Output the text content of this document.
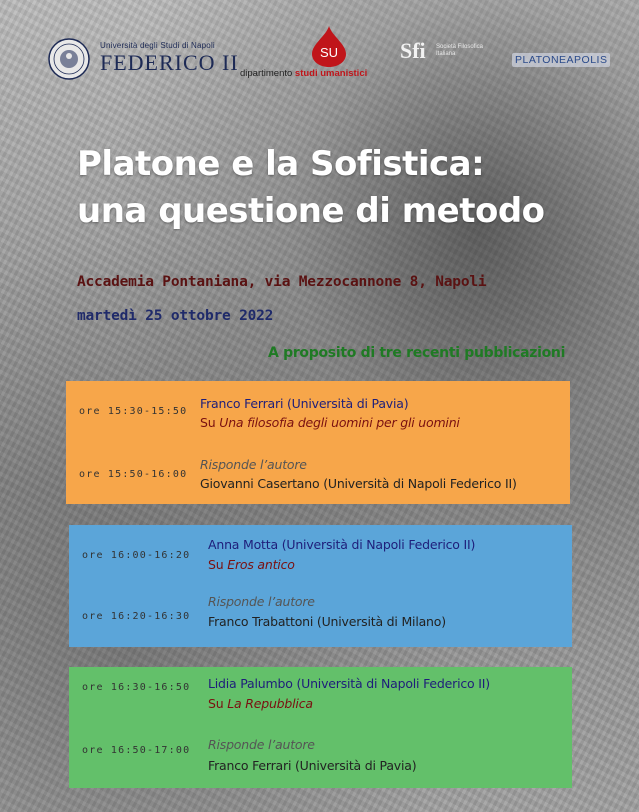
Università degli Studi di Napoli
FEDERICO II	SU
dipartimento studi umanistici
Sfi Società Filosofica Italiana	PLATONEAPOLIS
Platone e la Sofistica:
una questione di metodo
Accademia Pontaniana, via Mezzocannone 8, Napoli
martedì 25 ottobre 2022
A proposito di tre recenti pubblicazioni
ore 15:30-15:50
Franco Ferrari (Università di Pavia)
Su Una filosofia degli uomini per gli uomini
ore 15:50-16:00
Risponde l’autore
Giovanni Casertano (Università di Napoli Federico II)
ore 16:00-16:20
Anna Motta (Università di Napoli Federico II)
Su Eros antico
ore 16:20-16:30
Risponde l’autore
Franco Trabattoni (Università di Milano)
ore 16:30-16:50 Lidia Palumbo (Università di Napoli Federico II)
Su La Repubblica
ore 16:50-17:00 Risponde l’autore
Franco Ferrari (Università di Pavia)
